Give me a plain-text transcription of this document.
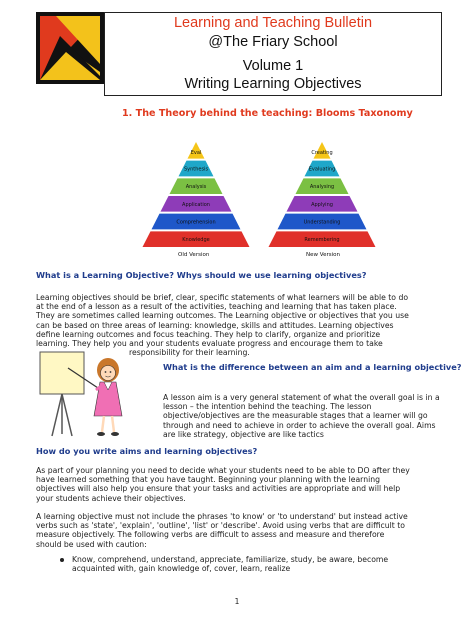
Learning and Teaching Bulletin
@The Friary School
Volume 1
Writing Learning Objectives
1. The Theory behind the teaching: Blooms Taxonomy
Eval
Synthesis
Analysis
Application
Comprehension
Knowledge
Old Version
Creating
Evaluating
Analysing
Applying
Understanding
Remembering
New Version
What is a Learning Objective? Whys should we use learning objectives?
Learning objectives should be brief, clear, specific statements of what learners will be able to do
at the end of a lesson as a result of the activities, teaching and learning that has taken place.
They are sometimes called learning outcomes. The Learning objective or objectives that you use
can be based on three areas of learning: knowledge, skills and attitudes. Learning objectives
define learning outcomes and focus teaching. They help to clarify, organize and prioritize
learning. They help you and your students evaluate progress and encourage them to take
responsibility for their learning.
What is the difference between an aim and a learning objective?
A lesson aim is a very general statement of what the overall goal is in a
lesson – the intention behind the teaching. The lesson
objective/objectives are the measurable stages that a learner will go
through and need to achieve in order to achieve the overall goal. Aims
are like strategy, objective are like tactics
How do you write aims and learning objectives?
As part of your planning you need to decide what your students need to be able to DO after they
have learned something that you have taught. Beginning your planning with the learning
objectives will also help you ensure that your tasks and activities are appropriate and will help
your students achieve their objectives.
A learning objective must not include the phrases 'to know' or 'to understand' but instead active
verbs such as 'state', 'explain', 'outline', 'list' or 'describe'. Avoid using verbs that are difficult to
measure objectively. The following verbs are difficult to assess and measure and therefore
should be used with caution:
Know, comprehend, understand, appreciate, familiarize, study, be aware, become
acquainted with, gain knowledge of, cover, learn, realize
1
